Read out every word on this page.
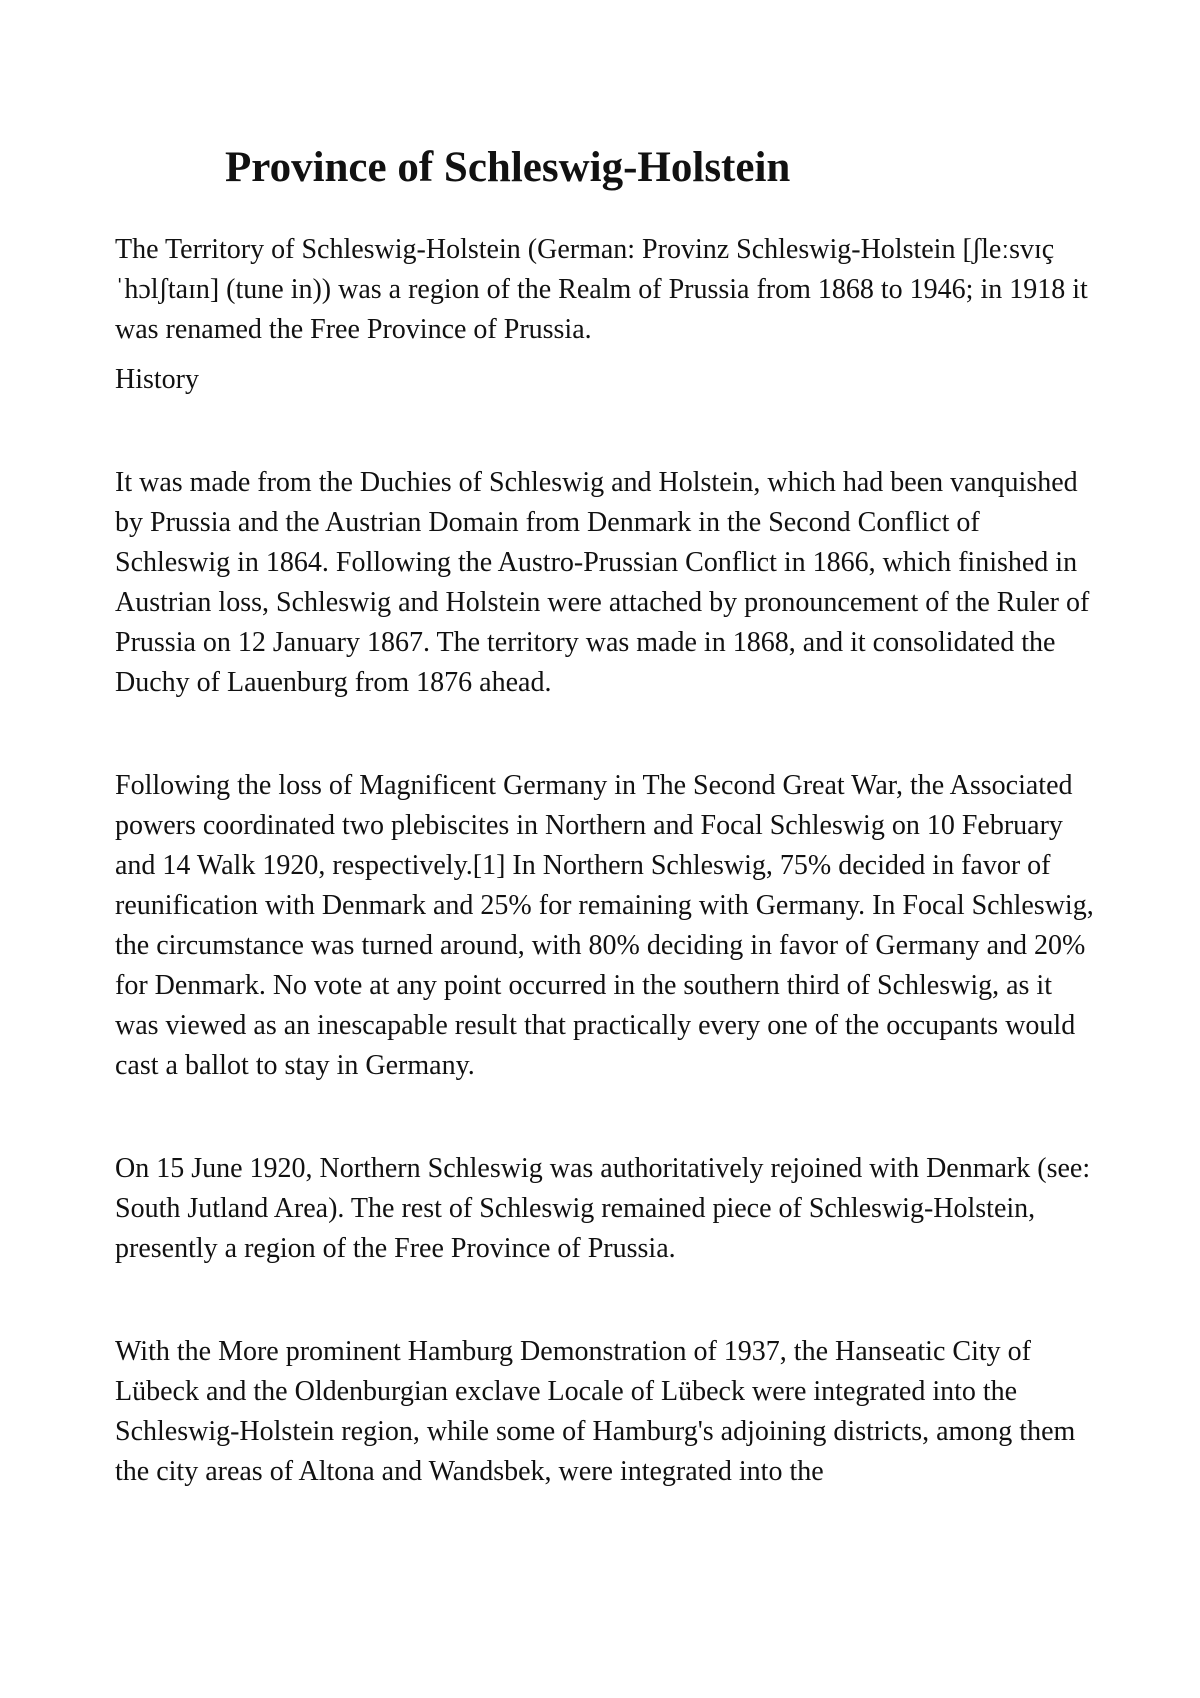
Province of Schleswig-Holstein

The Territory of Schleswig-Holstein (German: Provinz Schleswig-Holstein [ʃleːsvɪç ˈhɔlʃtaɪn] (tune in)) was a region of the Realm of Prussia from 1868 to 1946; in 1918 it was renamed the Free Province of Prussia.

History

It was made from the Duchies of Schleswig and Holstein, which had been vanquished by Prussia and the Austrian Domain from Denmark in the Second Conflict of Schleswig in 1864. Following the Austro-Prussian Conflict in 1866, which finished in Austrian loss, Schleswig and Holstein were attached by pronouncement of the Ruler of Prussia on 12 January 1867. The territory was made in 1868, and it consolidated the Duchy of Lauenburg from 1876 ahead.

Following the loss of Magnificent Germany in The Second Great War, the Associated powers coordinated two plebiscites in Northern and Focal Schleswig on 10 February and 14 Walk 1920, respectively.[1] In Northern Schleswig, 75% decided in favor of reunification with Denmark and 25% for remaining with Germany. In Focal Schleswig, the circumstance was turned around, with 80% deciding in favor of Germany and 20% for Denmark. No vote at any point occurred in the southern third of Schleswig, as it was viewed as an inescapable result that practically every one of the occupants would cast a ballot to stay in Germany.

On 15 June 1920, Northern Schleswig was authoritatively rejoined with Denmark (see: South Jutland Area). The rest of Schleswig remained piece of Schleswig-Holstein, presently a region of the Free Province of Prussia.

With the More prominent Hamburg Demonstration of 1937, the Hanseatic City of Lübeck and the Oldenburgian exclave Locale of Lübeck were integrated into the Schleswig-Holstein region, while some of Hamburg's adjoining districts, among them the city areas of Altona and Wandsbek, were integrated into the
